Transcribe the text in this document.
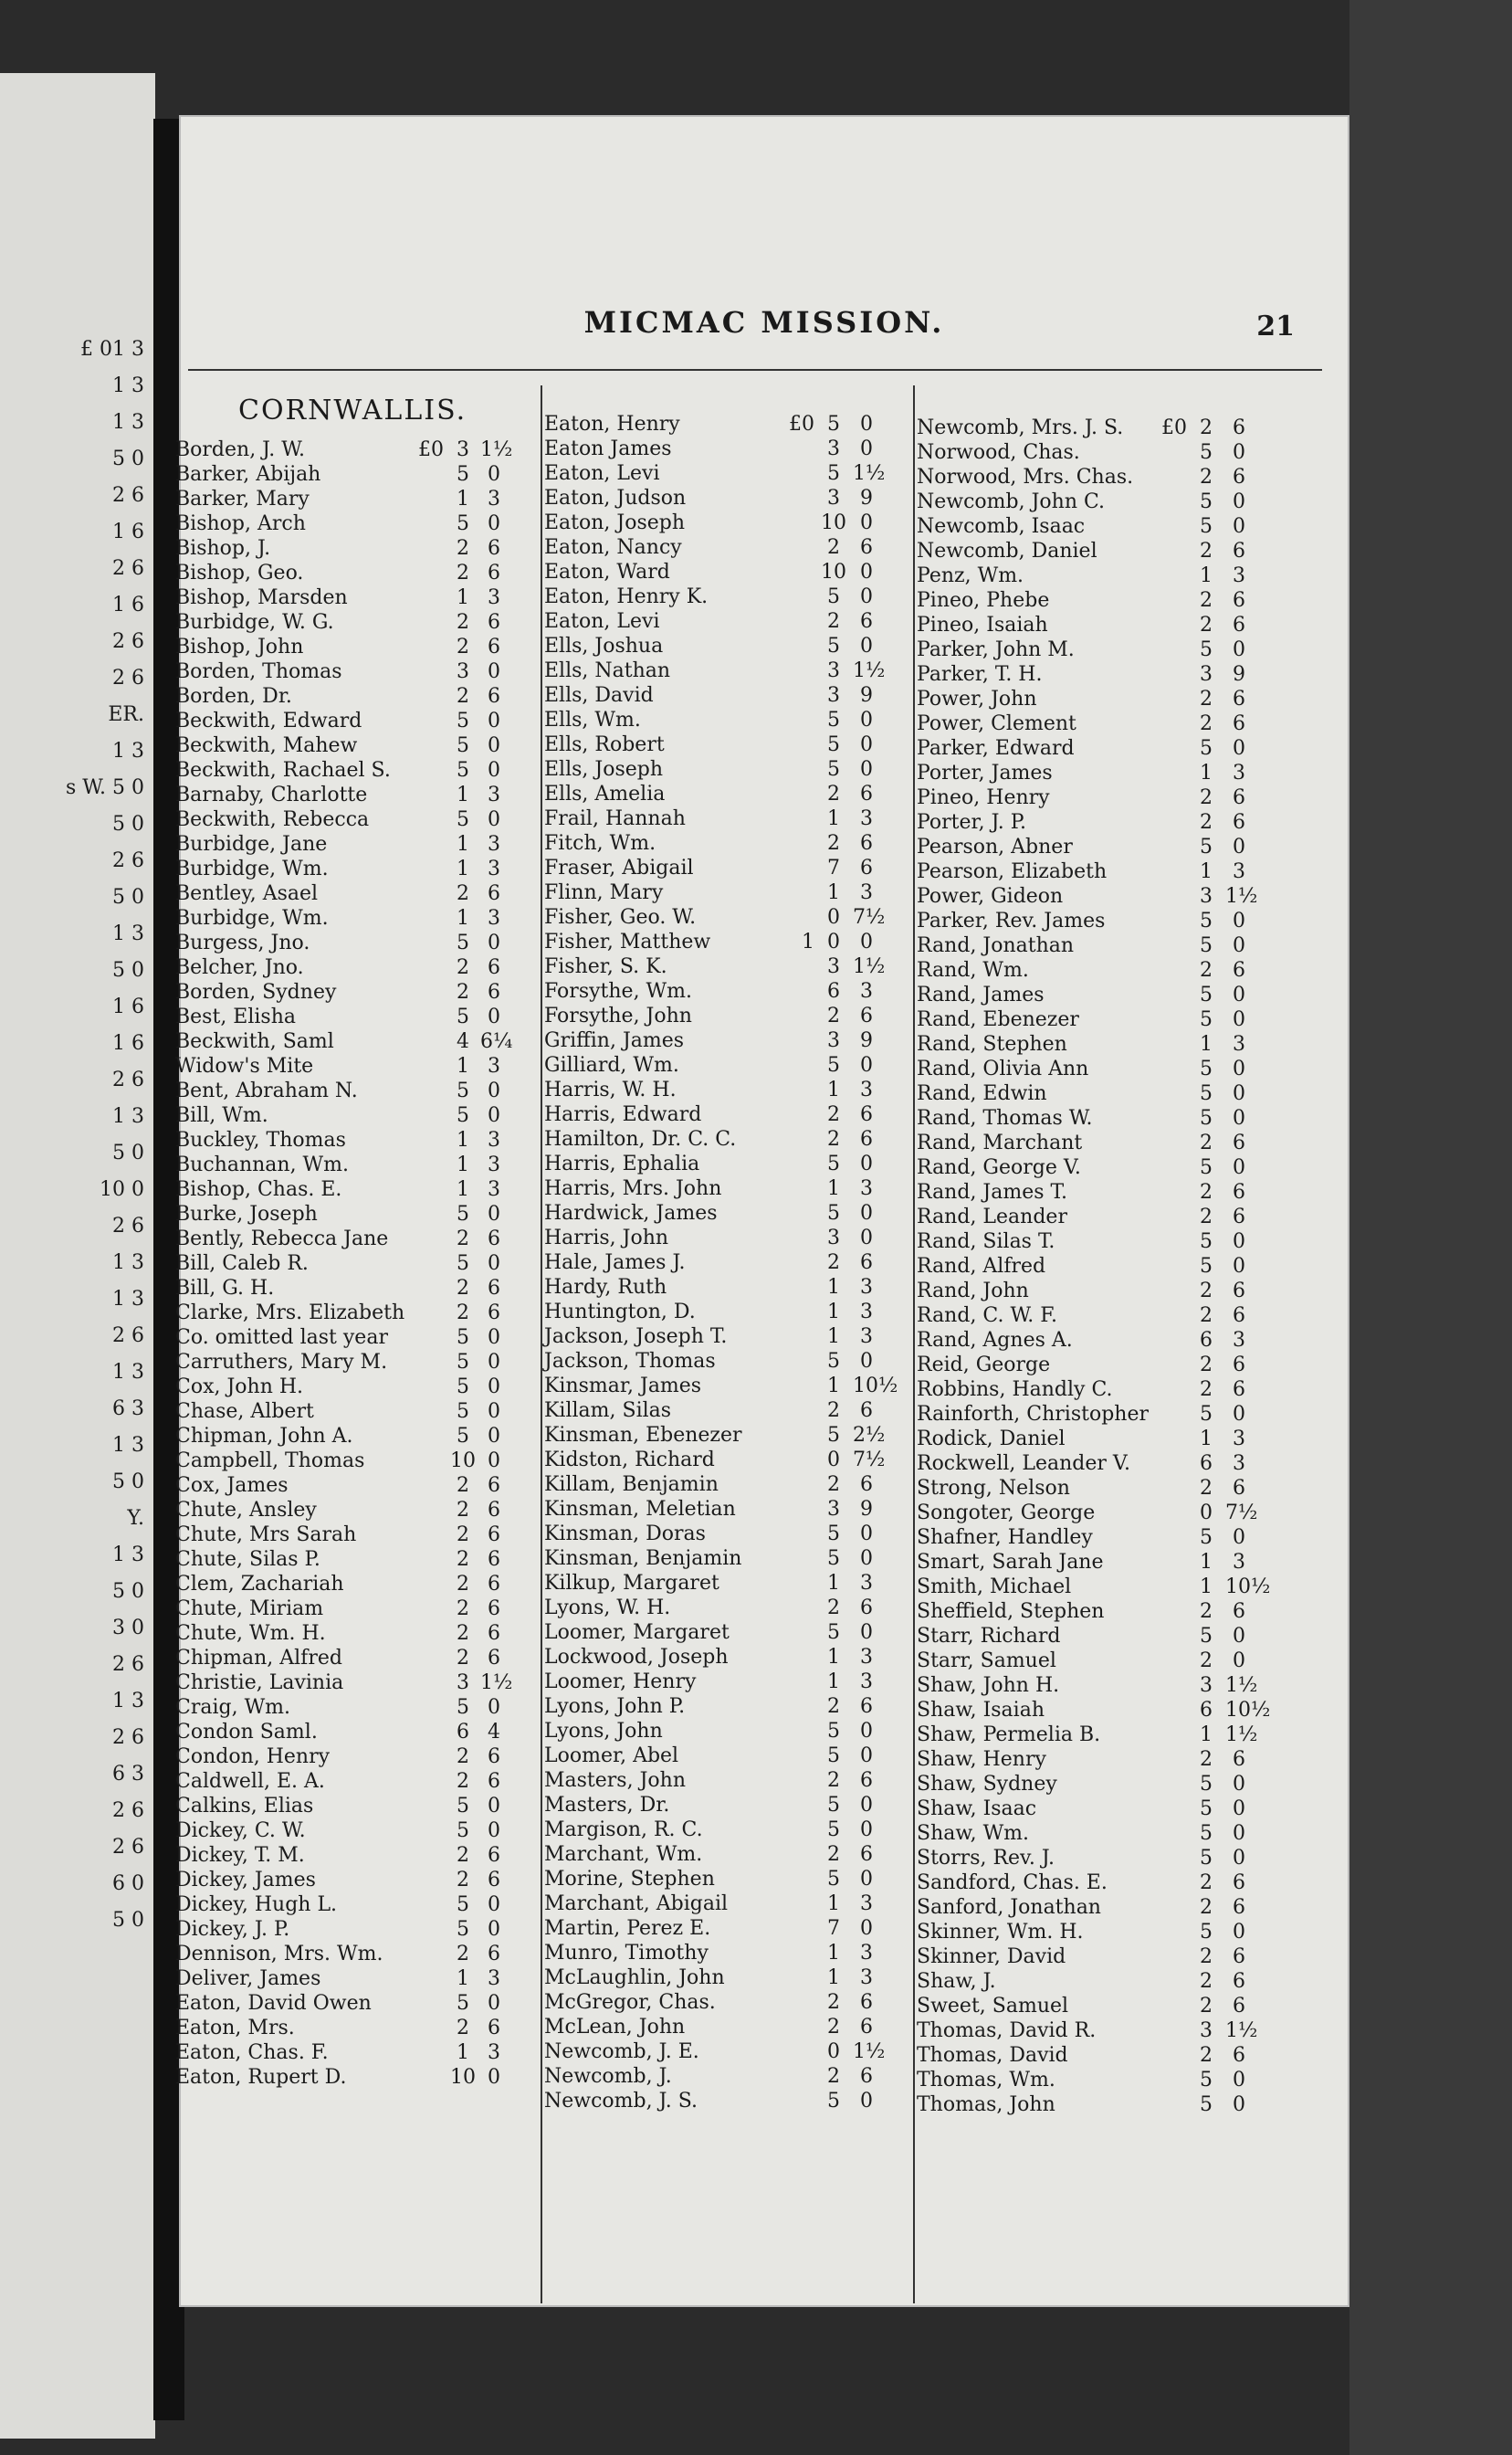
£ 01 3
1 3
1 3
5 0
2 6
1 6
2 6
1 6
2 6
2 6
ER.
1 3
s W. 5 0
5 0
2 6
5 0
1 3
5 0
1 6
1 6
2 6
1 3
5 0
10 0
2 6
1 3
1 3
2 6
1 3
6 3
1 3
5 0
Y.
1 3
5 0
3 0
2 6
1 3
2 6
6 3
2 6
2 6
6 0
5 0
MICMAC MISSION.	21
CORNWALLIS.
Borden, J. W.	£0 3 1½
Barker, Abijah	5 0
Barker, Mary	1 3
Bishop, Arch	5 0
Bishop, J.	2 6
Bishop, Geo.	2 6
Bishop, Marsden	1 3
Burbidge, W. G.	2 6
Bishop, John	2 6
Borden, Thomas	3 0
Borden, Dr.	2 6
Beckwith, Edward	5 0
Beckwith, Mahew	5 0
Beckwith, Rachael S.	5 0
Barnaby, Charlotte	1 3
Beckwith, Rebecca	5 0
Burbidge, Jane	1 3
Burbidge, Wm.	1 3
Bentley, Asael	2 6
Burbidge, Wm.	1 3
Burgess, Jno.	5 0
Belcher, Jno.	2 6
Borden, Sydney	2 6
Best, Elisha	5 0
Beckwith, Saml	4 6¼
Widow's Mite	1 3
Bent, Abraham N.	5 0
Bill, Wm.	5 0
Buckley, Thomas	1 3
Buchannan, Wm.	1 3
Bishop, Chas. E.	1 3
Burke, Joseph	5 0
Bently, Rebecca Jane	2 6
Bill, Caleb R.	5 0
Bill, G. H.	2 6
Clarke, Mrs. Elizabeth	2 6
Co. omitted last year	5 0
Carruthers, Mary M.	5 0
Cox, John H.	5 0
Chase, Albert	5 0
Chipman, John A.	5 0
Campbell, Thomas	10 0
Cox, James	2 6
Chute, Ansley	2 6
Chute, Mrs Sarah	2 6
Chute, Silas P.	2 6
Clem, Zachariah	2 6
Chute, Miriam	2 6
Chute, Wm. H.	2 6
Chipman, Alfred	2 6
Christie, Lavinia	3 1½
Craig, Wm.	5 0
Condon Saml.	6 4
Condon, Henry	2 6
Caldwell, E. A.	2 6
Calkins, Elias	5 0
Dickey, C. W.	5 0
Dickey, T. M.	2 6
Dickey, James	2 6
Dickey, Hugh L.	5 0
Dickey, J. P.	5 0
Dennison, Mrs. Wm.	2 6
Deliver, James	1 3
Eaton, David Owen	5 0
Eaton, Mrs.	2 6
Eaton, Chas. F.	1 3
Eaton, Rupert D.	10 0
Eaton, Henry	£0 5	0
Eaton James	3	0
Eaton, Levi	5 1½
Eaton, Judson	3	9
Eaton, Joseph	10 0
Eaton, Nancy	2	6
Eaton, Ward	10 0
Eaton, Henry K.	5	0
Eaton, Levi	2	6
Ells, Joshua	5	0
Ells, Nathan	3 1½
Ells, David	3	9
Ells, Wm.	5	0
Ells, Robert	5	0
Ells, Joseph	5	0
Ells, Amelia	2	6
Frail, Hannah	1	3
Fitch, Wm.	2	6
Fraser, Abigail	7	6
Flinn, Mary	1	3
Fisher, Geo. W.	0 7½
Fisher, Matthew	1 0	0
Fisher, S. K.	3 1½
Forsythe, Wm.	6	3
Forsythe, John	2	6
Griffin, James	3	9
Gilliard, Wm.	5	0
Harris, W. H.	1	3
Harris, Edward	2	6
Hamilton, Dr. C. C.	2	6
Harris, Ephalia	5	0
Harris, Mrs. John	1	3
Hardwick, James	5	0
Harris, John	3	0
Hale, James J.	2	6
Hardy, Ruth	1	3
Huntington, D.	1	3
Jackson, Joseph T.	1	3
Jackson, Thomas	5	0
Kinsmar, James	1 10½
Killam, Silas	2	6
Kinsman, Ebenezer	5 2½
Kidston, Richard	0 7½
Killam, Benjamin	2	6
Kinsman, Meletian	3	9
Kinsman, Doras	5	0
Kinsman, Benjamin	5	0
Kilkup, Margaret	1	3
Lyons, W. H.	2	6
Loomer, Margaret	5	0
Lockwood, Joseph	1	3
Loomer, Henry	1	3
Lyons, John P.	2	6
Lyons, John	5	0
Loomer, Abel	5	0
Masters, John	2	6
Masters, Dr.	5	0
Margison, R. C.	5	0
Marchant, Wm.	2	6
Morine, Stephen	5	0
Marchant, Abigail	1	3
Martin, Perez E.	7	0
Munro, Timothy	1	3
McLaughlin, John	1	3
McGregor, Chas.	2	6
McLean, John	2	6
Newcomb, J. E.	0 1½
Newcomb, J.	2	6
Newcomb, J. S.	5	0
Newcomb, Mrs. J. S. £0 2	6
Norwood, Chas.	5	0
Norwood, Mrs. Chas.	2	6
Newcomb, John C.	5	0
Newcomb, Isaac	5	0
Newcomb, Daniel	2	6
Penz, Wm.	1	3
Pineo, Phebe	2	6
Pineo, Isaiah	2	6
Parker, John M.	5	0
Parker, T. H.	3	9
Power, John	2	6
Power, Clement	2	6
Parker, Edward	5	0
Porter, James	1	3
Pineo, Henry	2	6
Porter, J. P.	2	6
Pearson, Abner	5	0
Pearson, Elizabeth	1	3
Power, Gideon	3 1½
Parker, Rev. James	5	0
Rand, Jonathan	5	0
Rand, Wm.	2	6
Rand, James	5	0
Rand, Ebenezer	5	0
Rand, Stephen	1	3
Rand, Olivia Ann	5	0
Rand, Edwin	5	0
Rand, Thomas W.	5	0
Rand, Marchant	2	6
Rand, George V.	5	0
Rand, James T.	2	6
Rand, Leander	2	6
Rand, Silas T.	5	0
Rand, Alfred	5	0
Rand, John	2	6
Rand, C. W. F.	2	6
Rand, Agnes A.	6	3
Reid, George	2	6
Robbins, Handly C.	2	6
Rainforth, Christopher	5	0
Rodick, Daniel	1	3
Rockwell, Leander V.	6	3
Strong, Nelson	2	6
Songoter, George	0 7½
Shafner, Handley	5	0
Smart, Sarah Jane	1	3
Smith, Michael	1 10½
Sheffield, Stephen	2	6
Starr, Richard	5	0
Starr, Samuel	2	0
Shaw, John H.	3 1½
Shaw, Isaiah	6 10½
Shaw, Permelia B.	1 1½
Shaw, Henry	2	6
Shaw, Sydney	5	0
Shaw, Isaac	5	0
Shaw, Wm.	5	0
Storrs, Rev. J.	5	0
Sandford, Chas. E.	2	6
Sanford, Jonathan	2	6
Skinner, Wm. H.	5	0
Skinner, David	2	6
Shaw, J.	2	6
Sweet, Samuel	2	6
Thomas, David R.	3 1½
Thomas, David	2	6
Thomas, Wm.	5	0
Thomas, John	5	0
